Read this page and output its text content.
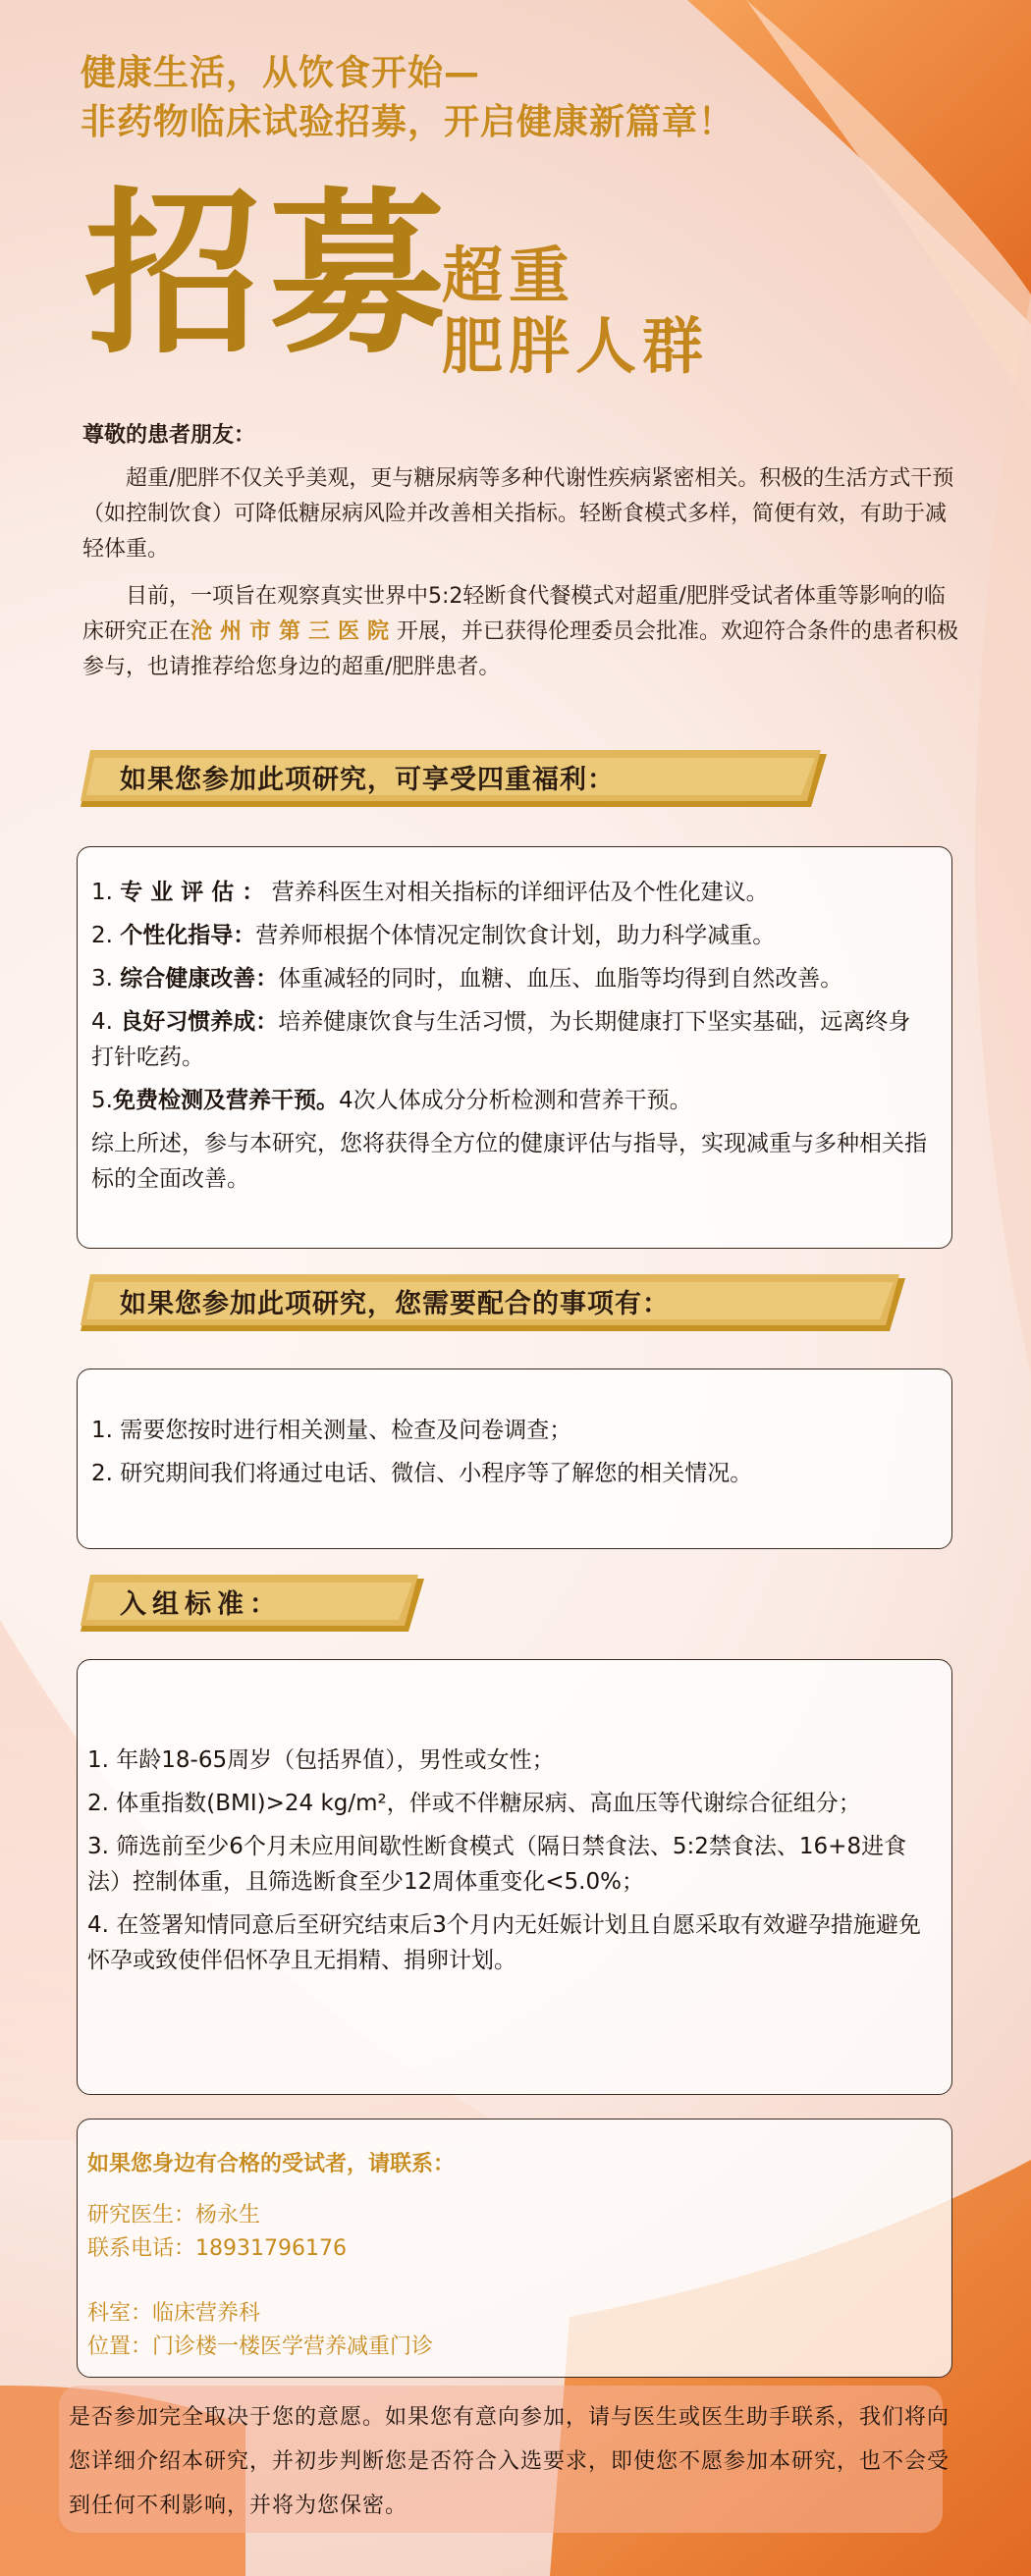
健康生活，从饮食开始—
非药物临床试验招募，开启健康新篇章！
招募
超重
肥胖人群
尊敬的患者朋友：
超重/肥胖不仅关乎美观，更与糖尿病等多种代谢性疾病紧密相关。积极的生活方式干预（如控制饮食）可降低糖尿病风险并改善相关指标。轻断食模式多样，简便有效，有助于减轻体重。
目前，一项旨在观察真实世界中5:2轻断食代餐模式对超重/肥胖受试者体重等影响的临床研究正在沧州市第三医院开展，并已获得伦理委员会批准。欢迎符合条件的患者积极参与，也请推荐给您身边的超重/肥胖患者。
如果您参加此项研究，可享受四重福利：
1. 专 业 评 估 ： 营养科医生对相关指标的详细评估及个性化建议。
2. 个性化指导：营养师根据个体情况定制饮食计划，助力科学减重。
3. 综合健康改善：体重减轻的同时，血糖、血压、血脂等均得到自然改善。
4. 良好习惯养成：培养健康饮食与生活习惯，为长期健康打下坚实基础，远离终身打针吃药。
5.免费检测及营养干预。4次人体成分分析检测和营养干预。
综上所述，参与本研究，您将获得全方位的健康评估与指导，实现减重与多种相关指标的全面改善。
如果您参加此项研究，您需要配合的事项有：
1. 需要您按时进行相关测量、检查及问卷调查；
2. 研究期间我们将通过电话、微信、小程序等了解您的相关情况。
入组标准：
1. 年龄18-65周岁（包括界值），男性或女性；
2. 体重指数(BMI)>24 kg/m²，伴或不伴糖尿病、高血压等代谢综合征组分；
3. 筛选前至少6个月未应用间歇性断食模式（隔日禁食法、5:2禁食法、16+8进食法）控制体重，且筛选断食至少12周体重变化<5.0%；
4. 在签署知情同意后至研究结束后3个月内无妊娠计划且自愿采取有效避孕措施避免怀孕或致使伴侣怀孕且无捐精、捐卵计划。
如果您身边有合格的受试者，请联系：
研究医生：杨永生
联系电话：18931796176
科室：临床营养科
位置：门诊楼一楼医学营养减重门诊
是否参加完全取决于您的意愿。如果您有意向参加，请与医生或医生助手联系，我们将向您详细介绍本研究，并初步判断您是否符合入选要求，即使您不愿参加本研究，也不会受到任何不利影响，并将为您保密。
